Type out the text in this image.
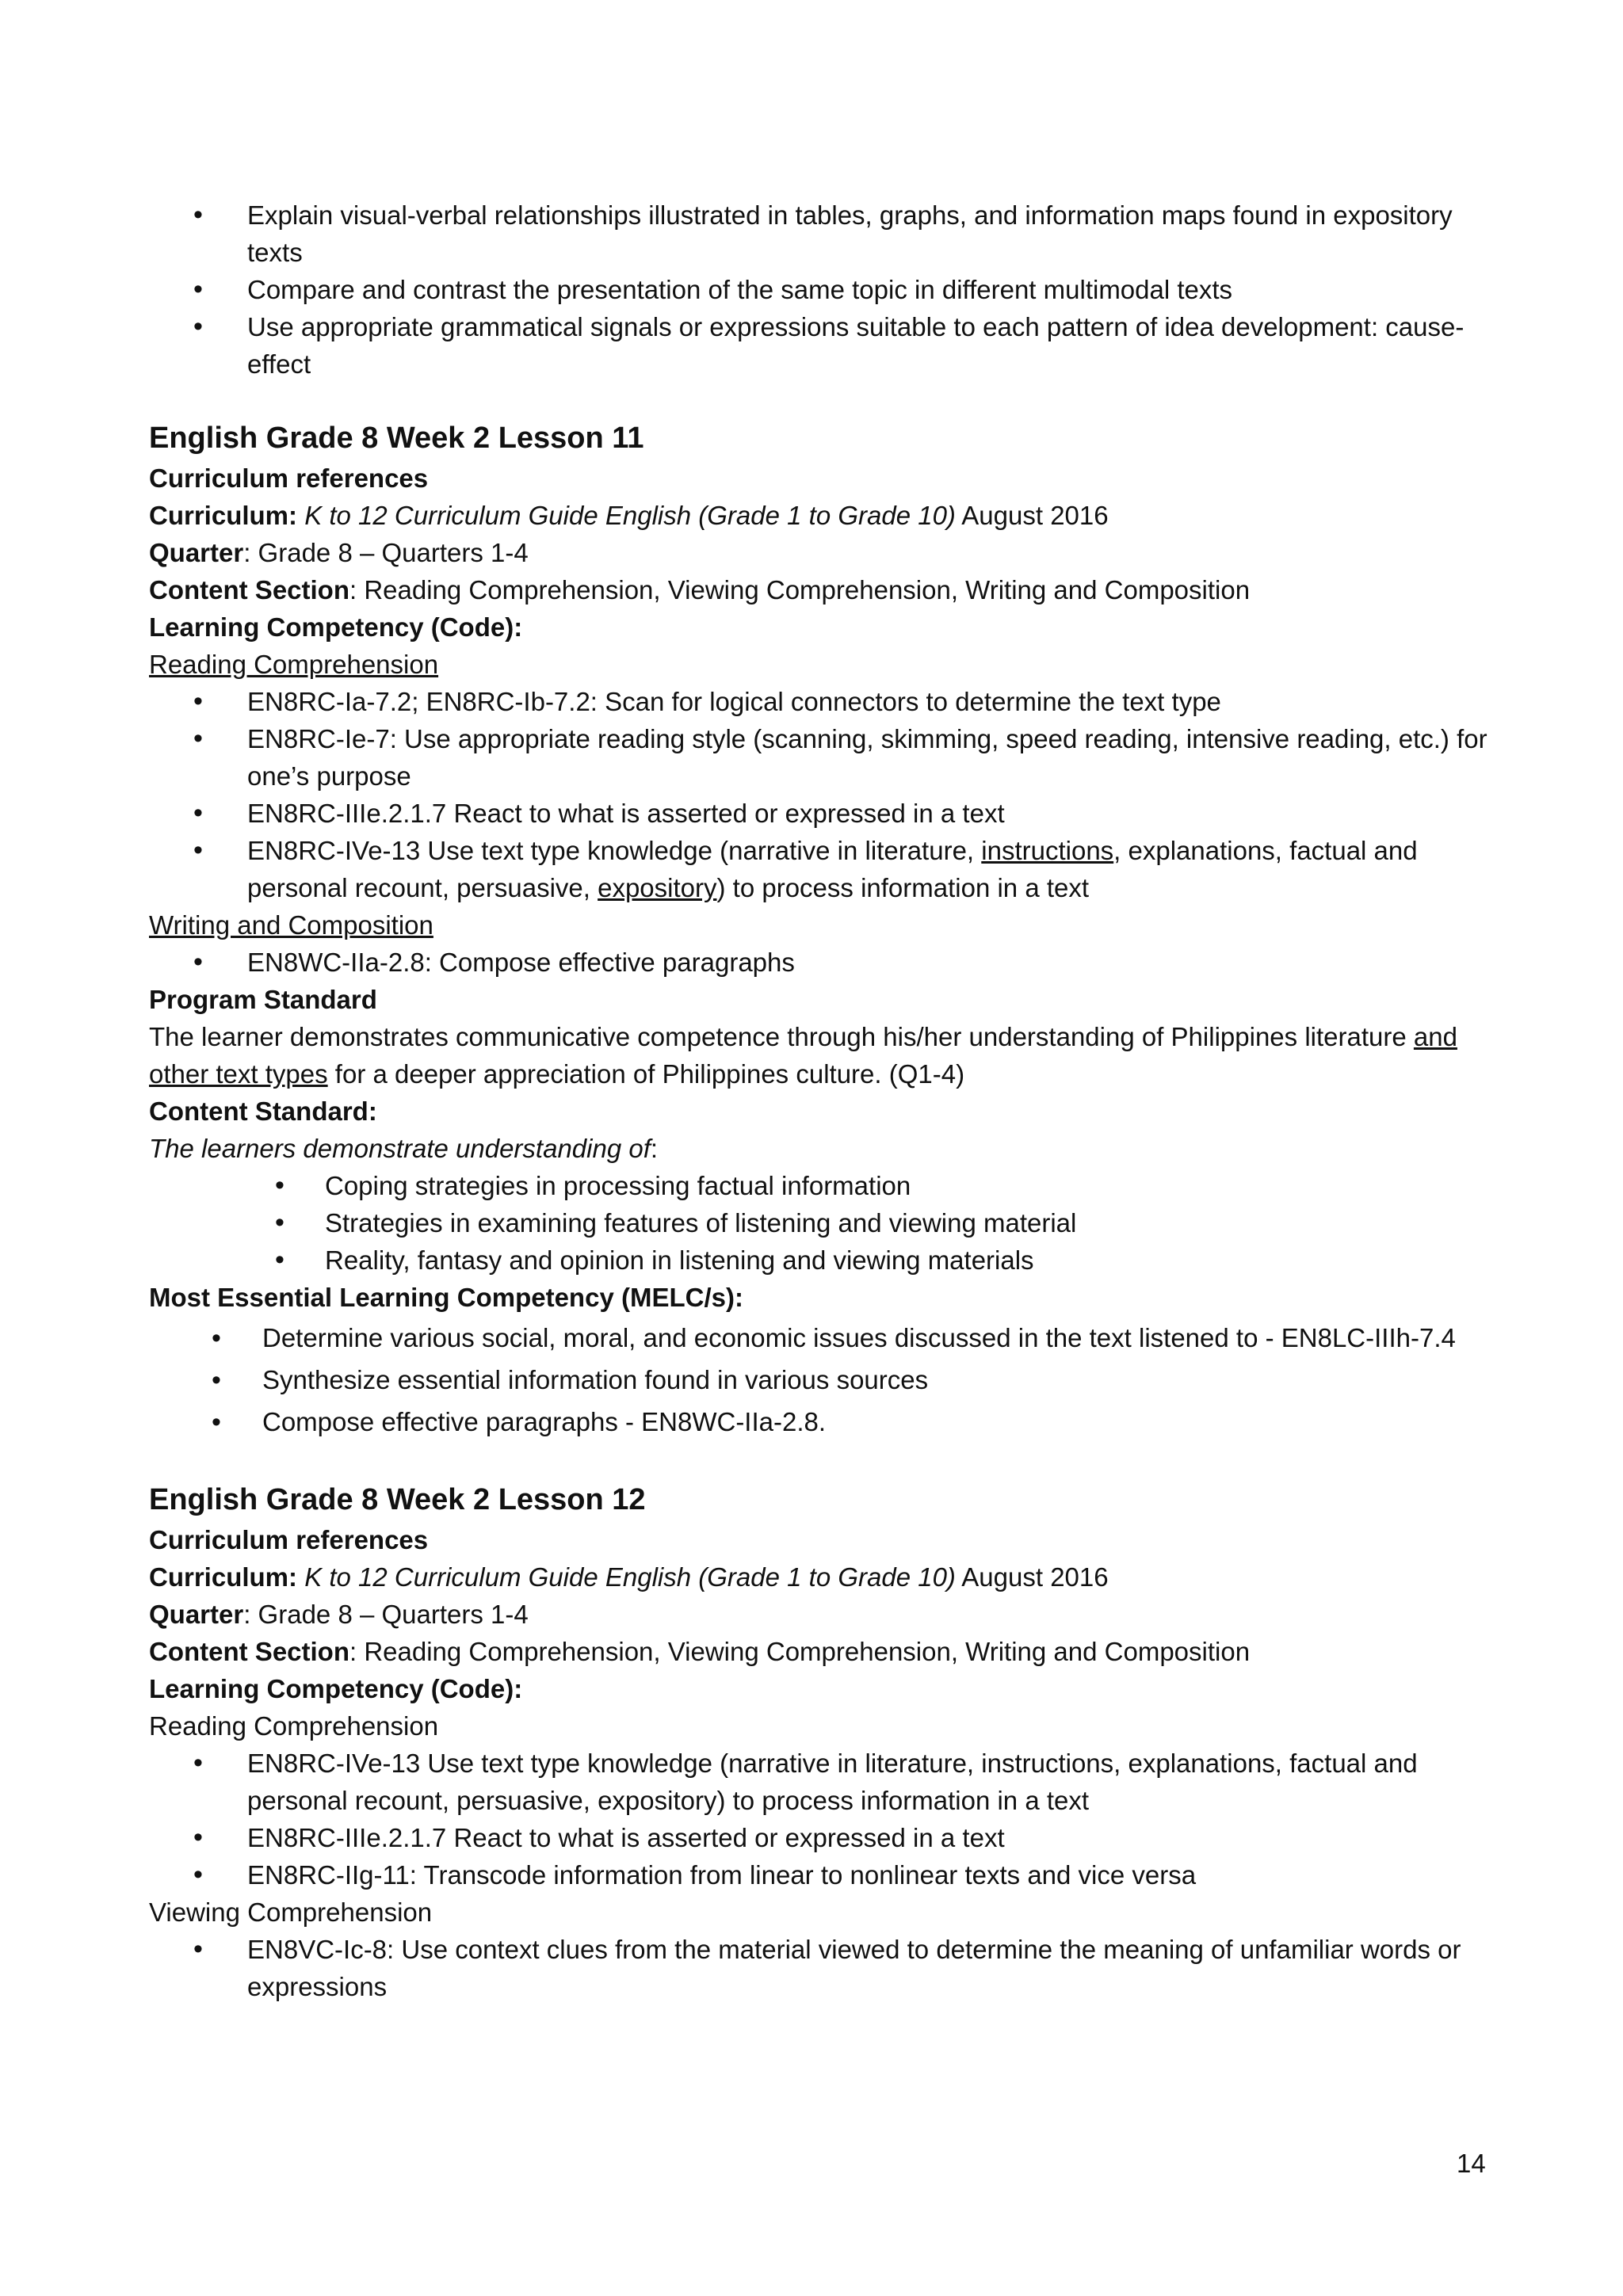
• Explain visual-verbal relationships illustrated in tables, graphs, and information maps found in expository texts
• Compare and contrast the presentation of the same topic in different multimodal texts
• Use appropriate grammatical signals or expressions suitable to each pattern of idea development: cause-effect
English Grade 8 Week 2 Lesson 11

Curriculum references

Curriculum: K to 12 Curriculum Guide English (Grade 1 to Grade 10) August 2016

Quarter: Grade 8 – Quarters 1-4

Content Section: Reading Comprehension, Viewing Comprehension, Writing and Composition

Learning Competency (Code):

Reading Comprehension

• EN8RC-Ia-7.2; EN8RC-Ib-7.2: Scan for logical connectors to determine the text type
• EN8RC-Ie-7: Use appropriate reading style (scanning, skimming, speed reading, intensive reading, etc.) for one’s purpose
• EN8RC-IIIe.2.1.7 React to what is asserted or expressed in a text
• EN8RC-IVe-13 Use text type knowledge (narrative in literature, instructions, explanations, factual and personal recount, persuasive, expository) to process information in a text

Writing and Composition

• EN8WC-IIa-2.8: Compose effective paragraphs

Program Standard

The learner demonstrates communicative competence through his/her understanding of Philippines literature and other text types for a deeper appreciation of Philippines culture. (Q1-4)

Content Standard:

The learners demonstrate understanding of:

• Coping strategies in processing factual information
• Strategies in examining features of listening and viewing material
• Reality, fantasy and opinion in listening and viewing materials

Most Essential Learning Competency (MELC/s):

• Determine various social, moral, and economic issues discussed in the text listened to - EN8LC-IIIh-7.4
• Synthesize essential information found in various sources
• Compose effective paragraphs - EN8WC-IIa-2.8.
English Grade 8 Week 2 Lesson 12

Curriculum references

Curriculum: K to 12 Curriculum Guide English (Grade 1 to Grade 10) August 2016

Quarter: Grade 8 – Quarters 1-4

Content Section: Reading Comprehension, Viewing Comprehension, Writing and Composition

Learning Competency (Code):

Reading Comprehension

• EN8RC-IVe-13 Use text type knowledge (narrative in literature, instructions, explanations, factual and personal recount, persuasive, expository) to process information in a text
• EN8RC-IIIe.2.1.7 React to what is asserted or expressed in a text
• EN8RC-IIg-11: Transcode information from linear to nonlinear texts and vice versa

Viewing Comprehension

• EN8VC-Ic-8: Use context clues from the material viewed to determine the meaning of unfamiliar words or expressions
14
